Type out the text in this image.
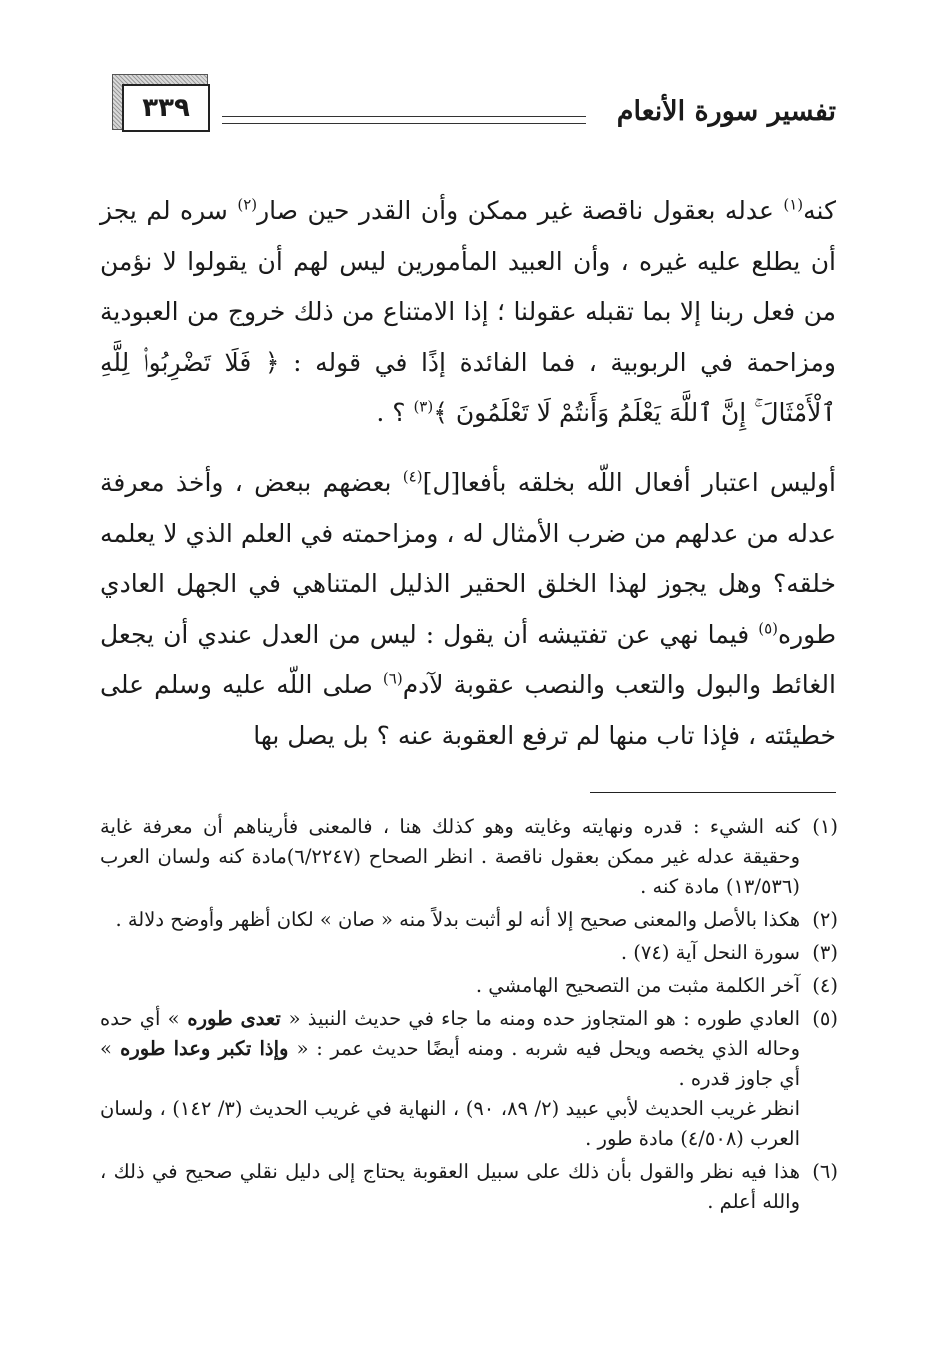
٣٣٩	تفسير سورة الأنعام

كنه$^{(١)}$ عدله بعقول ناقصة غير ممكن وأن القدر حين صار$^{(٢)}$ سره لم يجز أن يطلع عليه غيره ، وأن العبيد المأمورين ليس لهم أن يقولوا لا نؤمن من فعل ربنا إلا بما تقبله عقولنا ؛ إذا الامتناع من ذلك خروج من العبودية ومزاحمة في الربوبية ، فما الفائدة إذًا في قوله : ﴿ فَلَا تَضْرِبُوا۟ لِلَّهِ ٱلْأَمْثَالَ ۚ إِنَّ ٱللَّهَ يَعْلَمُ وَأَنتُمْ لَا تَعْلَمُونَ ﴾$^{(٣)}$ ؟ .

أوليس اعتبار أفعال اللّه بخلقه بأفعا[ل]$^{(٤)}$ بعضهم ببعض ، وأخذ معرفة عدله من عدلهم من ضرب الأمثال له ، ومزاحمته في العلم الذي لا يعلمه خلقه؟ وهل يجوز لهذا الخلق الحقير الذليل المتناهي في الجهل العادي طوره$^{(٥)}$ فيما نهي عن تفتيشه أن يقول : ليس من العدل عندي أن يجعل الغائط والبول والتعب والنصب عقوبة لآدم$^{(٦)}$ صلى اللّه عليه وسلم على خطيئته ، فإذا تاب منها لم ترفع العقوبة عنه ؟ بل يصل بها

(١)
كنه الشيء : قدره ونهايته وغايته وهو كذلك هنا ، فالمعنى فأريناهم أن معرفة غاية وحقيقة عدله غير ممكن بعقول ناقصة . انظر الصحاح (٦/٢٢٤٧)مادة كنه ولسان العرب (١٣/٥٣٦) مادة كنه .
(٢)
هكذا بالأصل والمعنى صحيح إلا أنه لو أثبت بدلاً منه « صان » لكان أظهر وأوضح دلالة .
(٣)
سورة النحل آية (٧٤) .
(٤)
آخر الكلمة مثبت من التصحيح الهامشي .
(٥)
العادي طوره : هو المتجاوز حده ومنه ما جاء في حديث النبيذ « تعدى طوره » أي حده وحاله الذي يخصه ويحل فيه شربه . ومنه أيضًا حديث عمر : « وإذا تكبر وعدا طوره » أي جاوز قدره .
انظر غريب الحديث لأبي عبيد (٢/ ٨٩، ٩٠) ، النهاية في غريب الحديث (٣/ ١٤٢) ، ولسان العرب (٤/٥٠٨) مادة طور .
(٦)
هذا فيه نظر والقول بأن ذلك على سبيل العقوبة يحتاج إلى دليل نقلي صحيح في ذلك ، والله أعلم .
